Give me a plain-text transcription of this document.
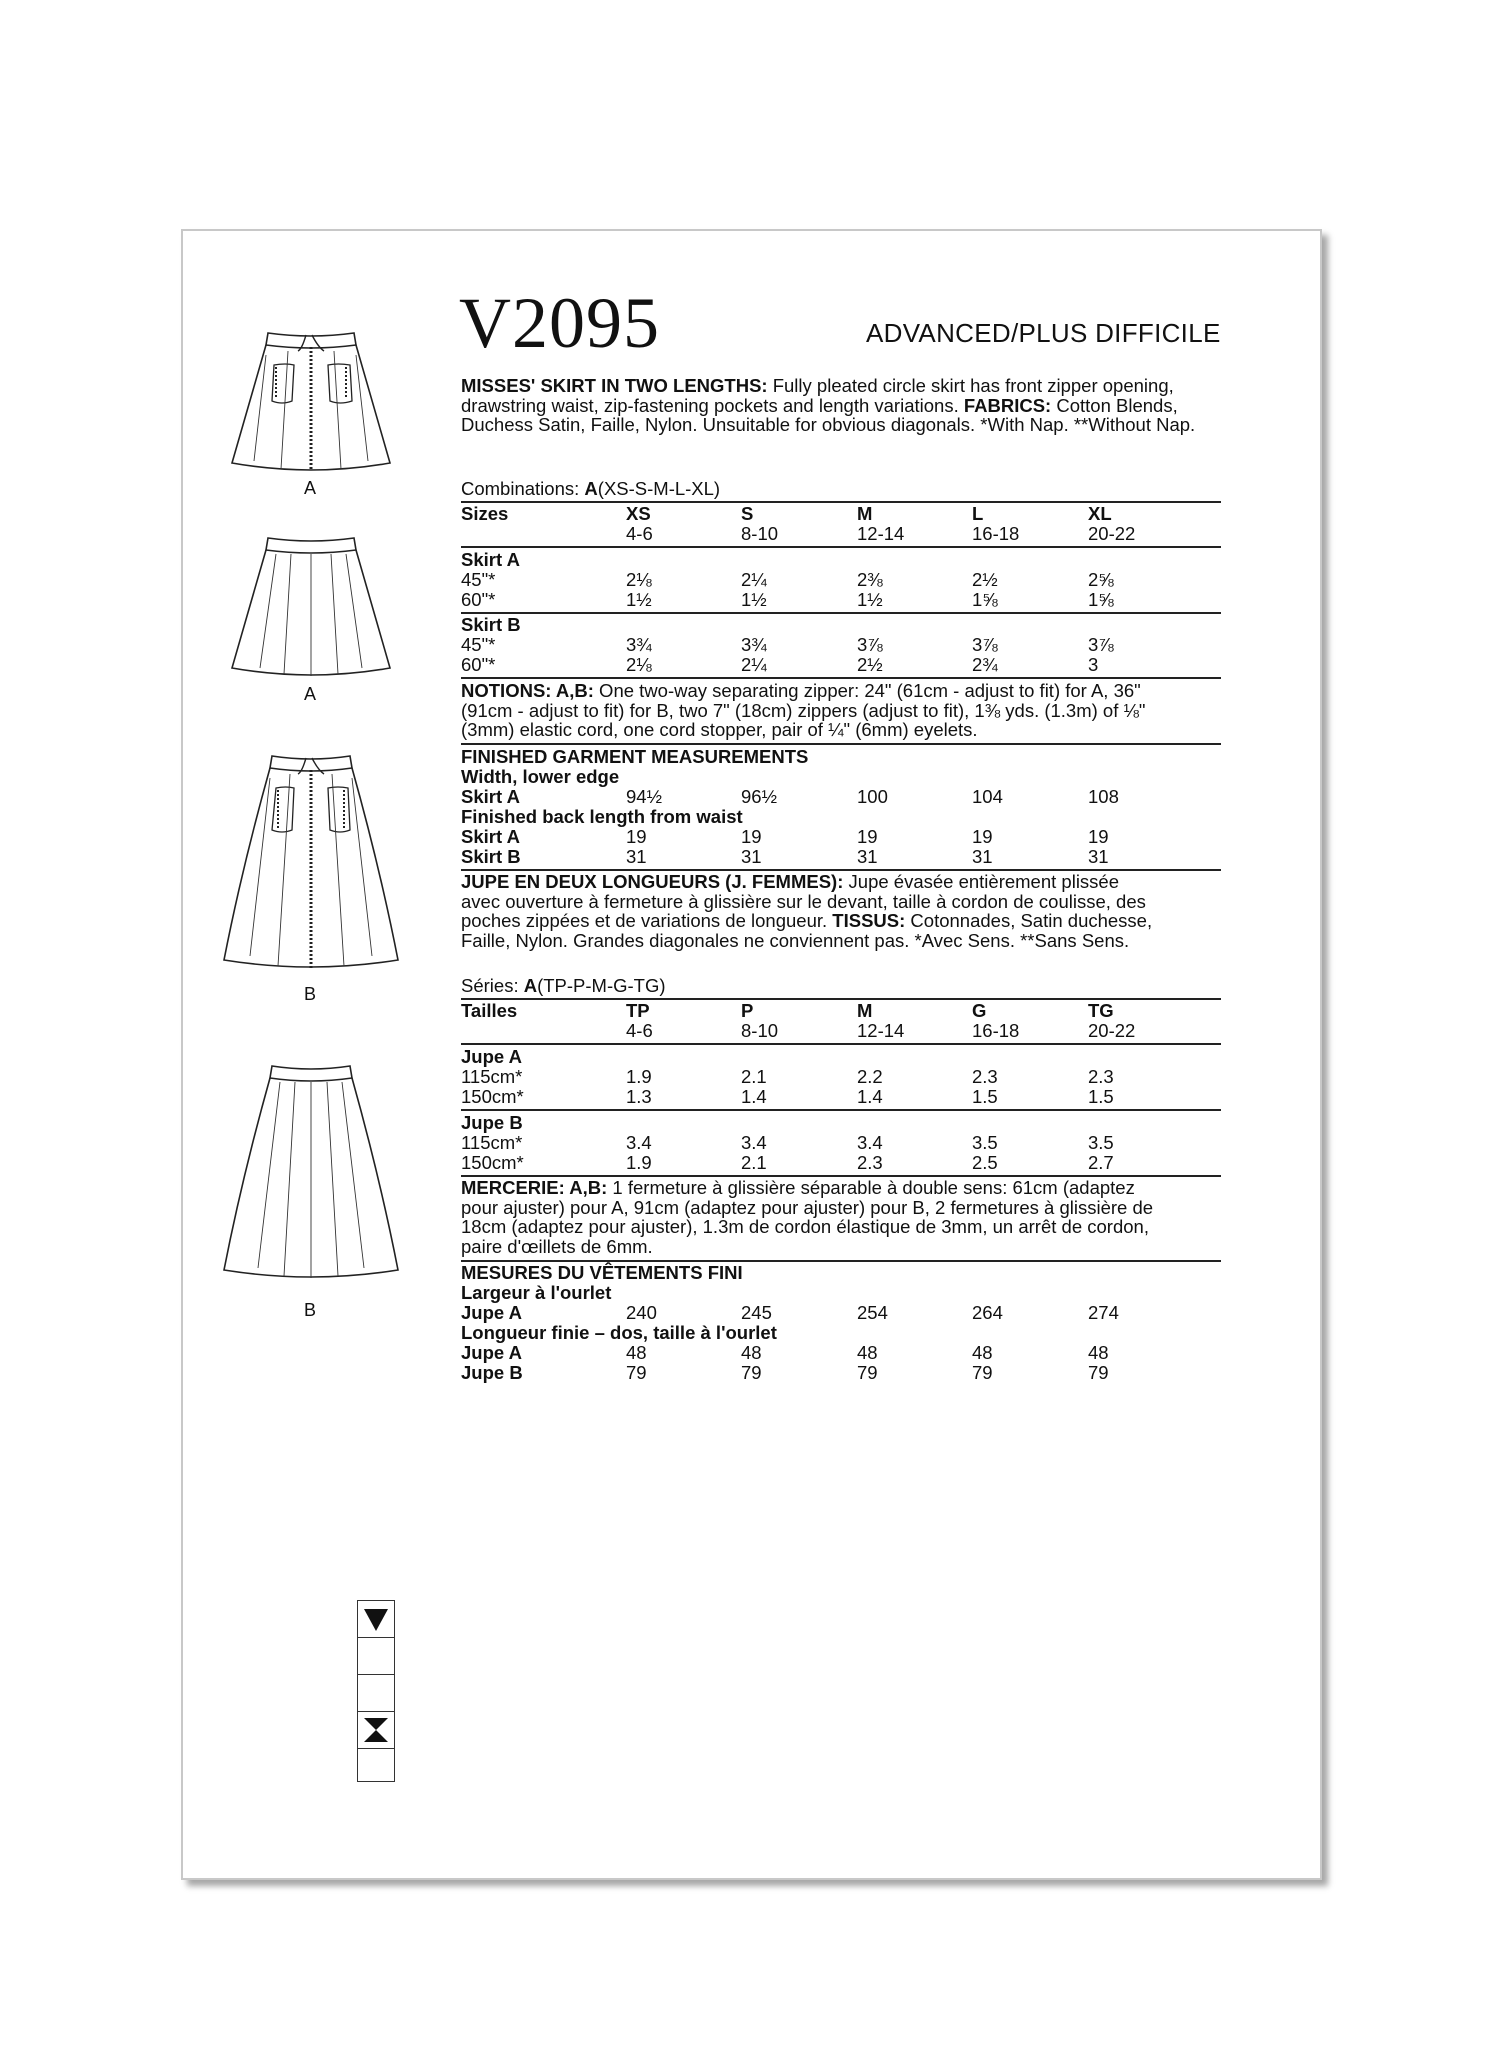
A
A
B
B
V2095	ADVANCED/PLUS DIFFICILE
MISSES' SKIRT IN TWO LENGTHS: Fully pleated circle skirt has front zipper opening, drawstring waist, zip-fastening pockets and length variations. FABRICS: Cotton Blends, Duchess Satin, Faille, Nylon. Unsuitable for obvious diagonals. *With Nap. **Without Nap.
Combinations: A(XS-S-M-L-XL)
Sizes	XS	S	M	L	XL
4-6	8-10	12-14	16-18	20-22
Skirt A
45"*	2⅛	2¼	2⅜	2½	2⅝
60"*	1½	1½	1½	1⅝	1⅝
Skirt B
45"*	3¾	3¾	3⅞	3⅞	3⅞
60"*	2⅛	2¼	2½	2¾	3
NOTIONS: A,B: One two-way separating zipper: 24" (61cm - adjust to fit) for A, 36"
(91cm - adjust to fit) for B, two 7" (18cm) zippers (adjust to fit), 1⅜ yds. (1.3m) of ⅛"
(3mm) elastic cord, one cord stopper, pair of ¼" (6mm) eyelets.
FINISHED GARMENT MEASUREMENTS
Width, lower edge
Skirt A	94½	96½	100	104	108
Finished back length from waist
Skirt A	19	19	19	19	19
Skirt B	31	31	31	31	31
JUPE EN DEUX LONGUEURS (J. FEMMES): Jupe évasée entièrement plissée
avec ouverture à fermeture à glissière sur le devant, taille à cordon de coulisse, des
poches zippées et de variations de longueur. TISSUS: Cotonnades, Satin duchesse,
Faille, Nylon. Grandes diagonales ne conviennent pas. *Avec Sens. **Sans Sens.
Séries: A(TP-P-M-G-TG)
Tailles	TP	P	M	G	TG
4-6	8-10	12-14	16-18	20-22
Jupe A
115cm*	1.9	2.1	2.2	2.3	2.3
150cm*	1.3	1.4	1.4	1.5	1.5
Jupe B
115cm*	3.4	3.4	3.4	3.5	3.5
150cm*	1.9	2.1	2.3	2.5	2.7
MERCERIE: A,B: 1 fermeture à glissière séparable à double sens: 61cm (adaptez
pour ajuster) pour A, 91cm (adaptez pour ajuster) pour B, 2 fermetures à glissière de
18cm (adaptez pour ajuster), 1.3m de cordon élastique de 3mm, un arrêt de cordon,
paire d'œillets de 6mm.
MESURES DU VÊTEMENTS FINI
Largeur à l'ourlet
Jupe A	240	245	254	264	274
Longueur finie – dos, taille à l'ourlet
Jupe A	48	48	48	48	48
Jupe B	79	79	79	79	79
